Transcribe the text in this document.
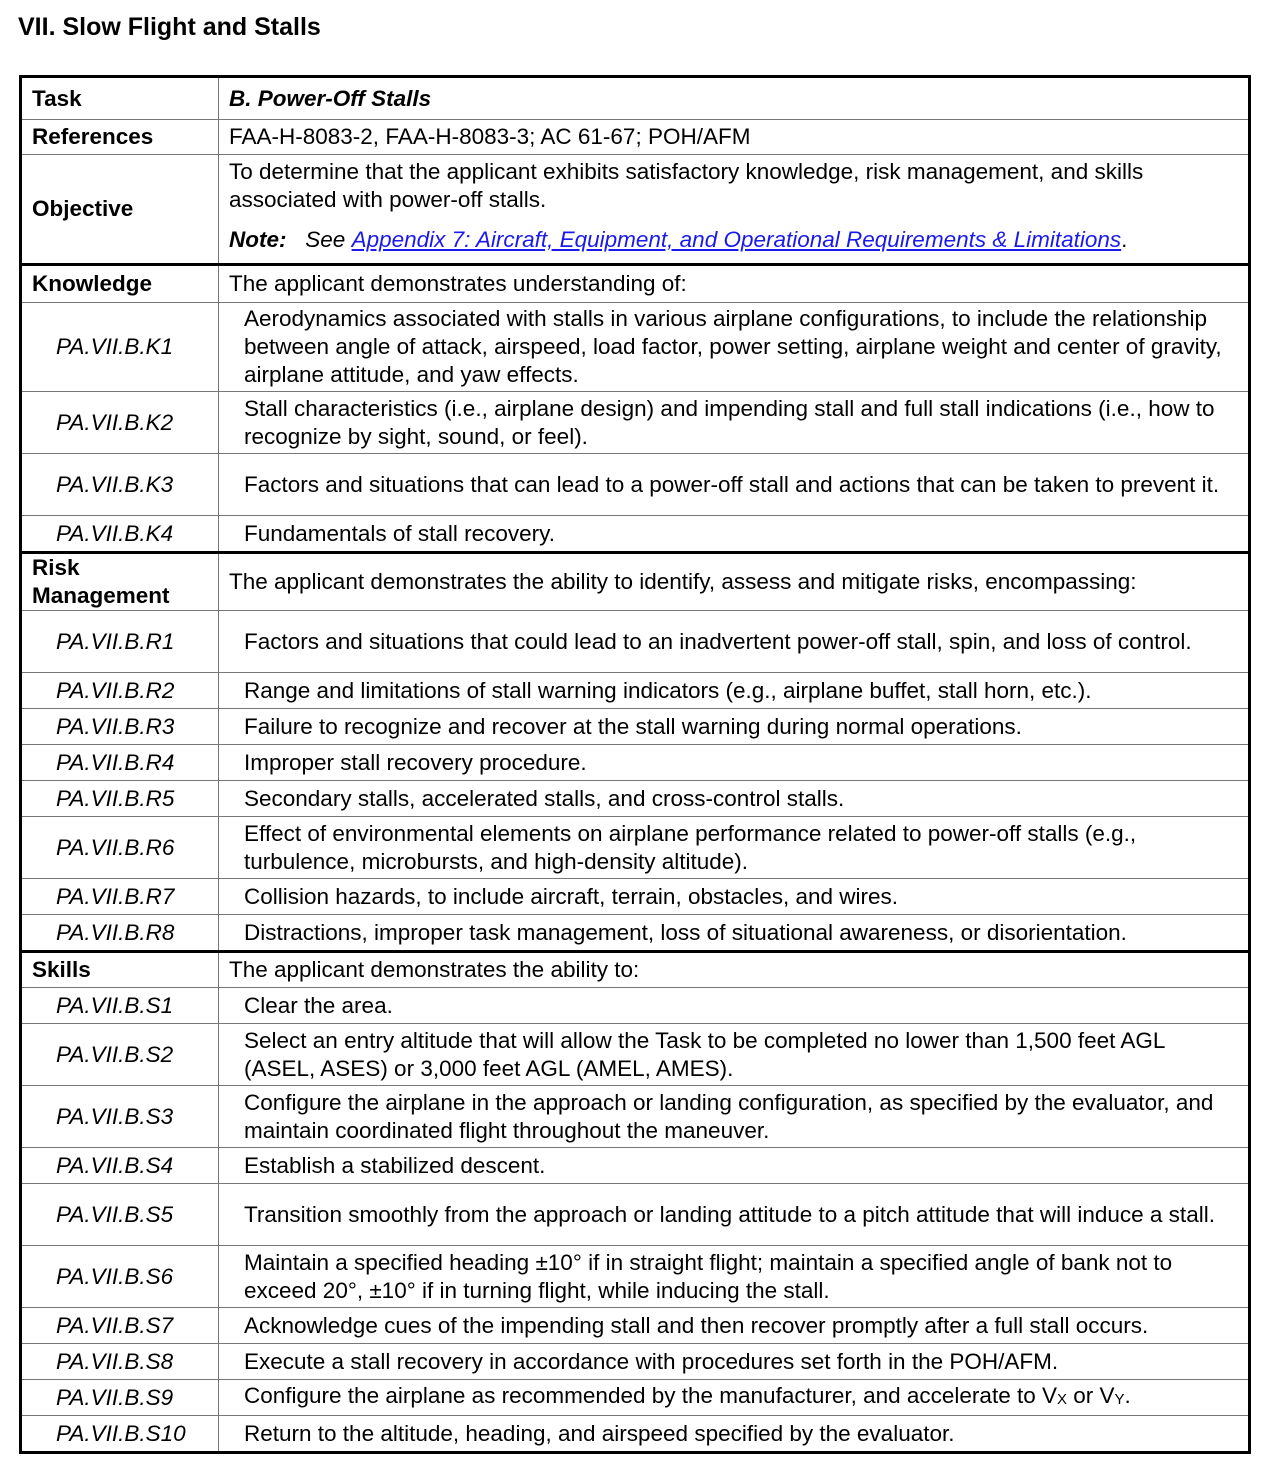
VII. Slow Flight and Stalls
Task	B. Power-Off Stalls
References	FAA-H-8083-2, FAA-H-8083-3; AC 61-67; POH/AFM
Objective	To determine that the applicant exhibits satisfactory knowledge, risk management, and skills associated with power-off stalls.
Note: See Appendix 7: Aircraft, Equipment, and Operational Requirements & Limitations.

Knowledge	The applicant demonstrates understanding of:
PA.VII.B.K1	Aerodynamics associated with stalls in various airplane configurations, to include the relationship between angle of attack, airspeed, load factor, power setting, airplane weight and center of gravity, airplane attitude, and yaw effects.
PA.VII.B.K2	Stall characteristics (i.e., airplane design) and impending stall and full stall indications (i.e., how to recognize by sight, sound, or feel).
PA.VII.B.K3	Factors and situations that can lead to a power-off stall and actions that can be taken to prevent it.
PA.VII.B.K4	Fundamentals of stall recovery.
Risk Management	The applicant demonstrates the ability to identify, assess and mitigate risks, encompassing:
PA.VII.B.R1	Factors and situations that could lead to an inadvertent power-off stall, spin, and loss of control.
PA.VII.B.R2	Range and limitations of stall warning indicators (e.g., airplane buffet, stall horn, etc.).
PA.VII.B.R3	Failure to recognize and recover at the stall warning during normal operations.
PA.VII.B.R4	Improper stall recovery procedure.
PA.VII.B.R5	Secondary stalls, accelerated stalls, and cross-control stalls.
PA.VII.B.R6	Effect of environmental elements on airplane performance related to power-off stalls (e.g., turbulence, microbursts, and high-density altitude).
PA.VII.B.R7	Collision hazards, to include aircraft, terrain, obstacles, and wires.
PA.VII.B.R8	Distractions, improper task management, loss of situational awareness, or disorientation.
Skills	The applicant demonstrates the ability to:
PA.VII.B.S1	Clear the area.
PA.VII.B.S2	Select an entry altitude that will allow the Task to be completed no lower than 1,500 feet AGL (ASEL, ASES) or 3,000 feet AGL (AMEL, AMES).
PA.VII.B.S3	Configure the airplane in the approach or landing configuration, as specified by the evaluator, and maintain coordinated flight throughout the maneuver.
PA.VII.B.S4	Establish a stabilized descent.
PA.VII.B.S5	Transition smoothly from the approach or landing attitude to a pitch attitude that will induce a stall.
PA.VII.B.S6	Maintain a specified heading ±10° if in straight flight; maintain a specified angle of bank not to exceed 20°, ±10° if in turning flight, while inducing the stall.
PA.VII.B.S7	Acknowledge cues of the impending stall and then recover promptly after a full stall occurs.
PA.VII.B.S8	Execute a stall recovery in accordance with procedures set forth in the POH/AFM.
PA.VII.B.S9	Configure the airplane as recommended by the manufacturer, and accelerate to $V_X$ or $V_Y$.
PA.VII.B.S10	Return to the altitude, heading, and airspeed specified by the evaluator.
